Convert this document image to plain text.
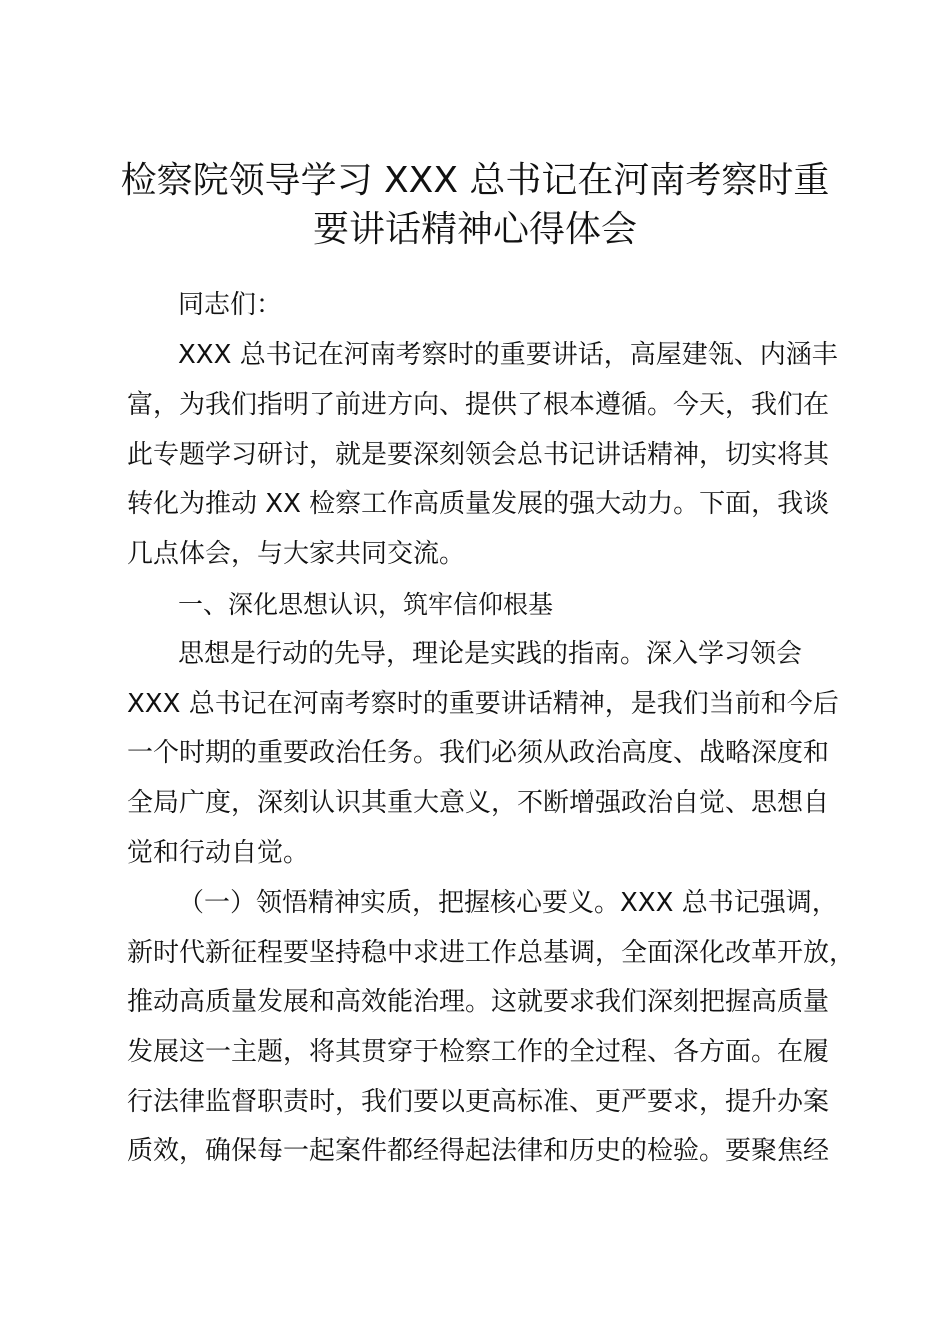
检察院领导学习 XXX 总书记在河南考察时重
要讲话精神心得体会
同志们：
XXX 总书记在河南考察时的重要讲话，高屋建瓴、内涵丰
富，为我们指明了前进方向、提供了根本遵循。今天，我们在
此专题学习研讨，就是要深刻领会总书记讲话精神，切实将其
转化为推动 XX 检察工作高质量发展的强大动力。下面，我谈
几点体会，与大家共同交流。
一、深化思想认识，筑牢信仰根基
思想是行动的先导，理论是实践的指南。深入学习领会
XXX 总书记在河南考察时的重要讲话精神，是我们当前和今后
一个时期的重要政治任务。我们必须从政治高度、战略深度和
全局广度，深刻认识其重大意义，不断增强政治自觉、思想自
觉和行动自觉。
（一）领悟精神实质，把握核心要义。XXX 总书记强调，
新时代新征程要坚持稳中求进工作总基调，全面深化改革开放，
推动高质量发展和高效能治理。这就要求我们深刻把握高质量
发展这一主题，将其贯穿于检察工作的全过程、各方面。在履
行法律监督职责时，我们要以更高标准、更严要求，提升办案
质效，确保每一起案件都经得起法律和历史的检验。要聚焦经
